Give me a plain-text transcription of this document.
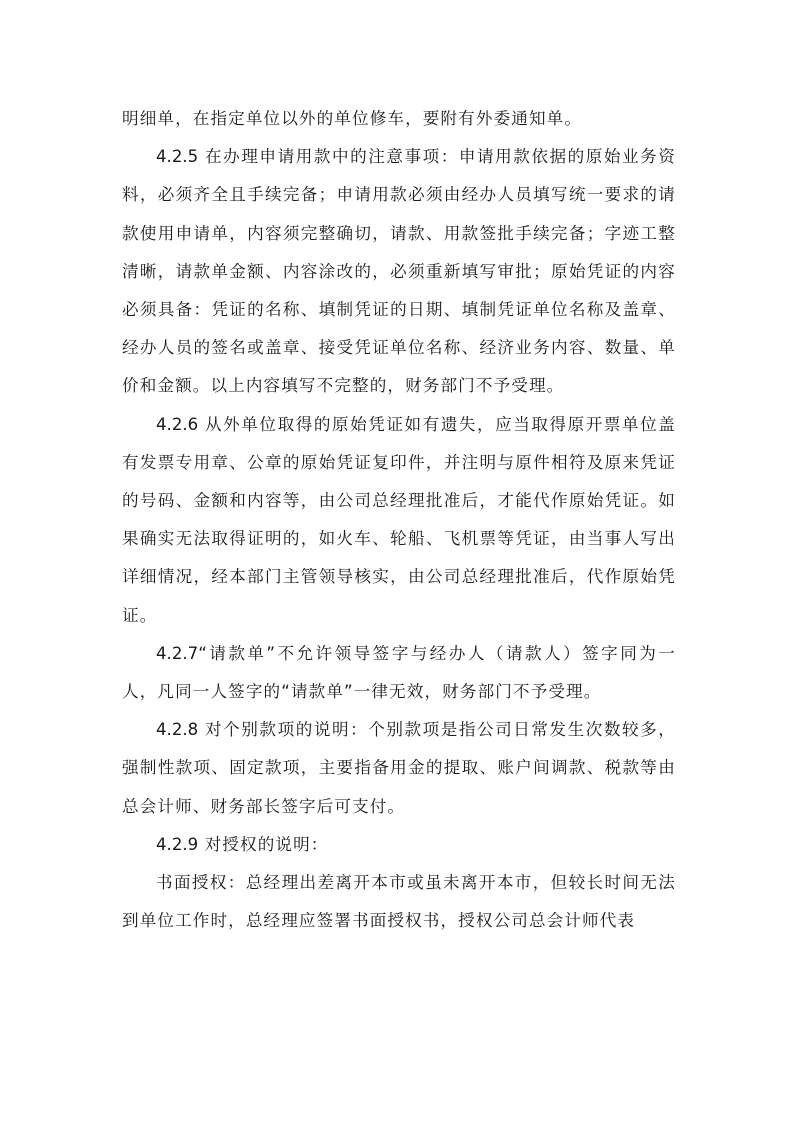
明细单，在指定单位以外的单位修车，要附有外委通知单。

4.2.5 在办理申请用款中的注意事项：申请用款依据的原始业务资料，必须齐全且手续完备；申请用款必须由经办人员填写统一要求的请款使用申请单，内容须完整确切，请款、用款签批手续完备；字迹工整清晰，请款单金额、内容涂改的，必须重新填写审批；原始凭证的内容必须具备：凭证的名称、填制凭证的日期、填制凭证单位名称及盖章、经办人员的签名或盖章、接受凭证单位名称、经济业务内容、数量、单价和金额。以上内容填写不完整的，财务部门不予受理。

4.2.6 从外单位取得的原始凭证如有遗失，应当取得原开票单位盖有发票专用章、公章的原始凭证复印件，并注明与原件相符及原来凭证的号码、金额和内容等，由公司总经理批准后，才能代作原始凭证。如果确实无法取得证明的，如火车、轮船、飞机票等凭证，由当事人写出详细情况，经本部门主管领导核实，由公司总经理批准后，代作原始凭证。

4.2.7“请款单”不允许领导签字与经办人（请款人）签字同为一人，凡同一人签字的“请款单”一律无效，财务部门不予受理。

4.2.8 对个别款项的说明：个别款项是指公司日常发生次数较多，强制性款项、固定款项，主要指备用金的提取、账户间调款、税款等由总会计师、财务部长签字后可支付。

4.2.9 对授权的说明：

书面授权：总经理出差离开本市或虽未离开本市，但较长时间无法到单位工作时，总经理应签署书面授权书，授权公司总会计师代表
